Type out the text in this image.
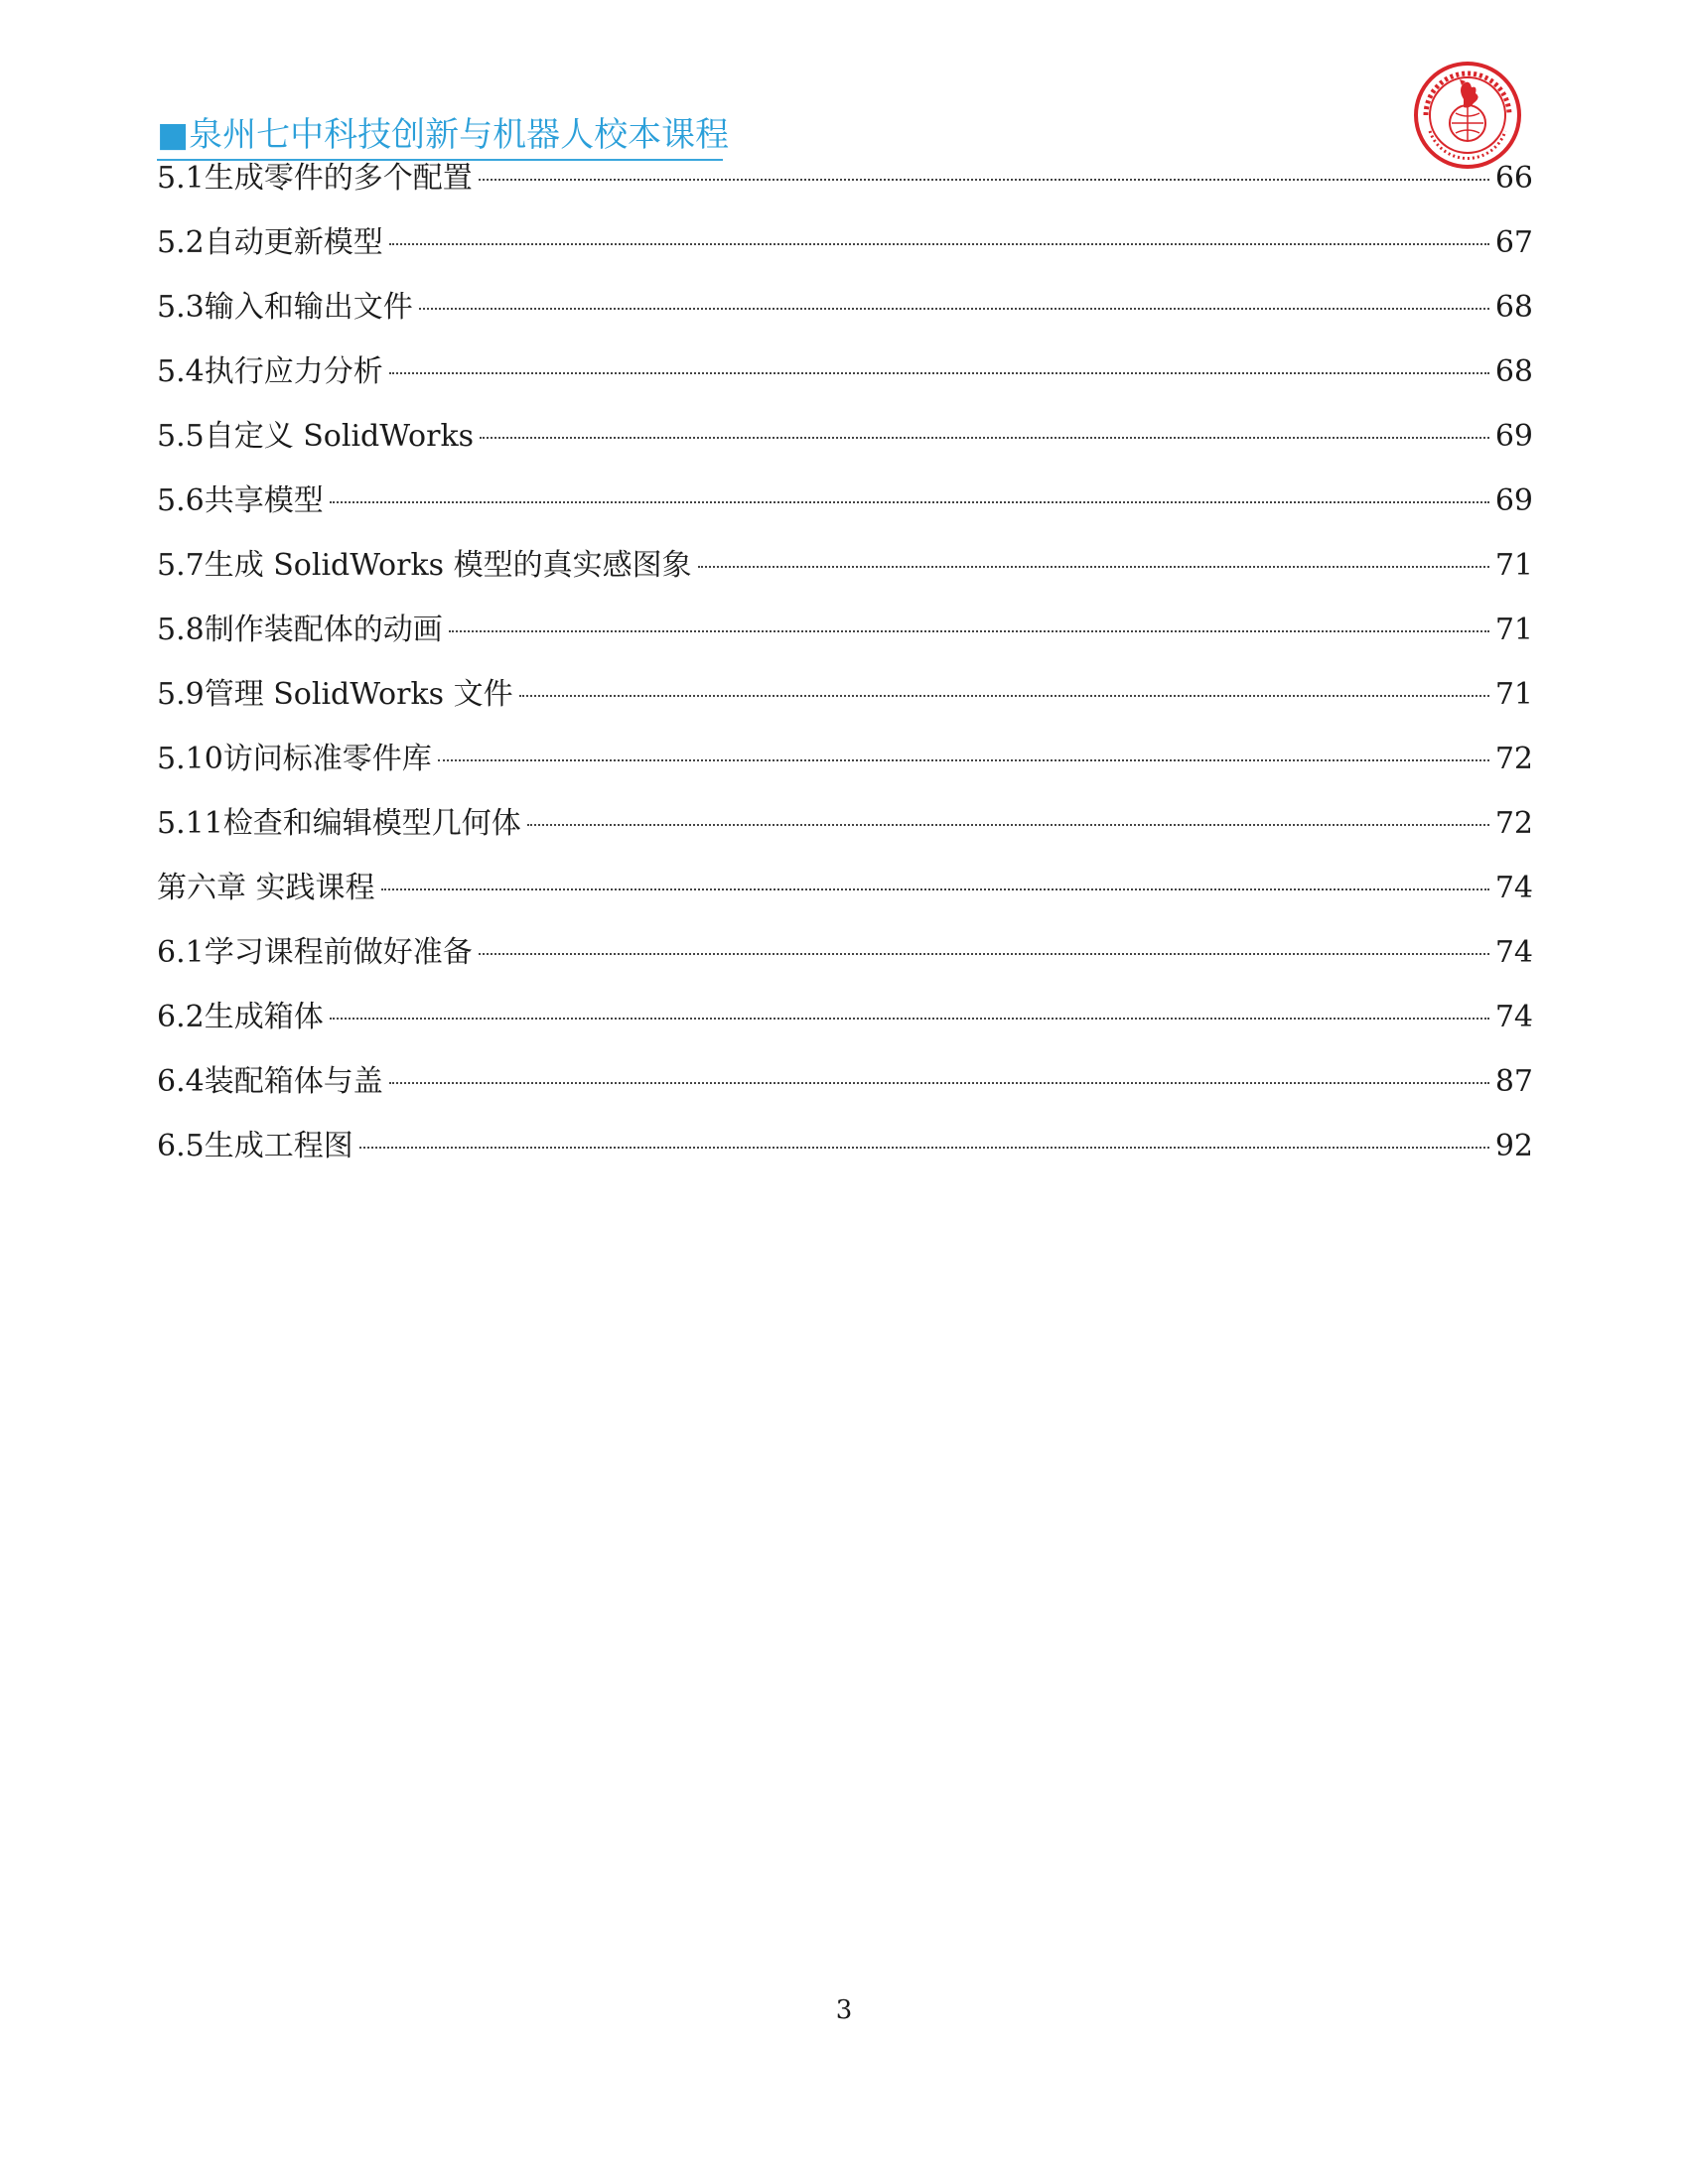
■泉州七中科技创新与机器人校本课程
5.1生成零件的多个配置	66
5.2自动更新模型	67
5.3输入和输出文件	68
5.4执行应力分析	68
5.5自定义 SolidWorks	69
5.6共享模型	69
5.7生成 SolidWorks 模型的真实感图象	71
5.8制作装配体的动画	71
5.9管理 SolidWorks 文件	71
5.10访问标准零件库	72
5.11检查和编辑模型几何体	72
第六章 实践课程	74
6.1学习课程前做好准备	74
6.2生成箱体	74
6.4装配箱体与盖	87
6.5生成工程图	92
3
